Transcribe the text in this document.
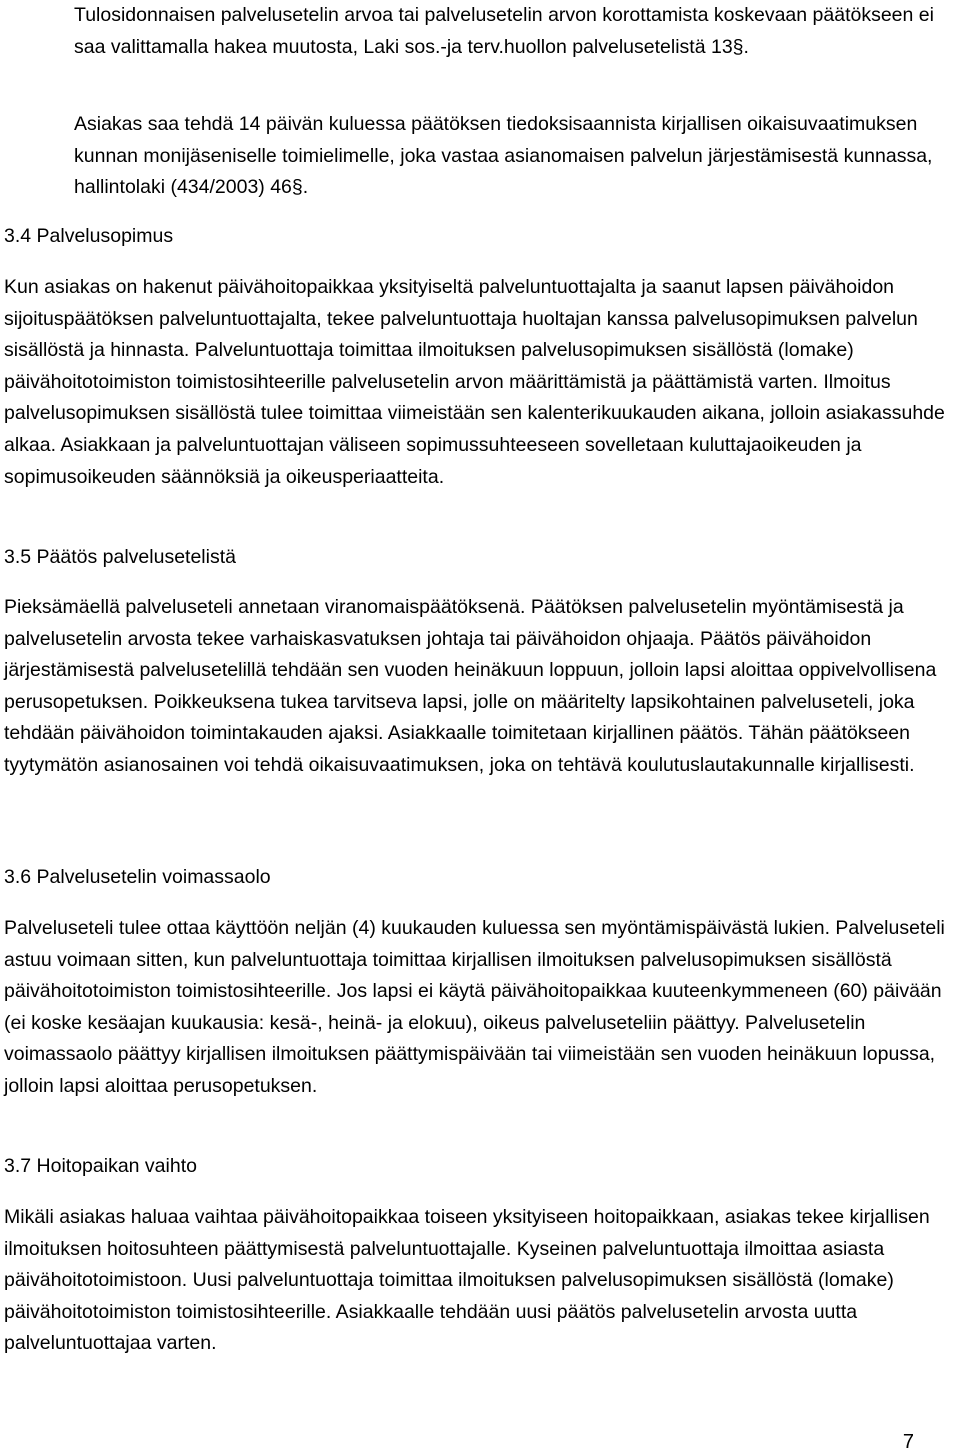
Tulosidonnaisen palvelusetelin arvoa tai palvelusetelin arvon korottamista koskevaan päätökseen ei saa valittamalla hakea muutosta, Laki sos.-ja terv.huollon palvelusetelistä 13§.

Asiakas saa tehdä 14 päivän kuluessa päätöksen tiedoksisaannista kirjallisen oikaisuvaatimuksen kunnan monijäseniselle toimielimelle, joka vastaa asianomaisen palvelun järjestämisestä kunnassa, hallintolaki (434/2003) 46§.

3.4 Palvelusopimus

Kun asiakas on hakenut päivähoitopaikkaa yksityiseltä palveluntuottajalta ja saanut lapsen päivähoidon sijoituspäätöksen palveluntuottajalta, tekee palveluntuottaja huoltajan kanssa palvelusopimuksen palvelun sisällöstä ja hinnasta. Palveluntuottaja toimittaa ilmoituksen palvelusopimuksen sisällöstä (lomake) päivähoitotoimiston toimistosihteerille palvelusetelin arvon määrittämistä ja päättämistä varten. Ilmoitus palvelusopimuksen sisällöstä tulee toimittaa viimeistään sen kalenterikuukauden aikana, jolloin asiakassuhde alkaa. Asiakkaan ja palveluntuottajan väliseen sopimussuhteeseen sovelletaan kuluttajaoikeuden ja sopimusoikeuden säännöksiä ja oikeusperiaatteita.

3.5 Päätös palvelusetelistä

Pieksämäellä palveluseteli annetaan viranomaispäätöksenä. Päätöksen palvelusetelin myöntämisestä ja palvelusetelin arvosta tekee varhaiskasvatuksen johtaja tai päivähoidon ohjaaja. Päätös päivähoidon järjestämisestä palvelusetelillä tehdään sen vuoden heinäkuun loppuun, jolloin lapsi aloittaa oppivelvollisena perusopetuksen. Poikkeuksena tukea tarvitseva lapsi, jolle on määritelty lapsikohtainen palveluseteli, joka tehdään päivähoidon toimintakauden ajaksi. Asiakkaalle toimitetaan kirjallinen päätös. Tähän päätökseen tyytymätön asianosainen voi tehdä oikaisuvaatimuksen, joka on tehtävä koulutuslautakunnalle kirjallisesti.

3.6 Palvelusetelin voimassaolo

Palveluseteli tulee ottaa käyttöön neljän (4) kuukauden kuluessa sen myöntämispäivästä lukien. Palveluseteli astuu voimaan sitten, kun palveluntuottaja toimittaa kirjallisen ilmoituksen palvelusopimuksen sisällöstä päivähoitotoimiston toimistosihteerille. Jos lapsi ei käytä päivähoitopaikkaa kuuteenkymmeneen (60) päivään (ei koske kesäajan kuukausia: kesä-, heinä- ja elokuu), oikeus palveluseteliin päättyy. Palvelusetelin voimassaolo päättyy kirjallisen ilmoituksen päättymispäivään tai viimeistään sen vuoden heinäkuun lopussa, jolloin lapsi aloittaa perusopetuksen.

3.7 Hoitopaikan vaihto

Mikäli asiakas haluaa vaihtaa päivähoitopaikkaa toiseen yksityiseen hoitopaikkaan, asiakas tekee kirjallisen ilmoituksen hoitosuhteen päättymisestä palveluntuottajalle. Kyseinen palveluntuottaja ilmoittaa asiasta päivähoitotoimistoon. Uusi palveluntuottaja toimittaa ilmoituksen palvelusopimuksen sisällöstä (lomake) päivähoitotoimiston toimistosihteerille. Asiakkaalle tehdään uusi päätös palvelusetelin arvosta uutta palveluntuottajaa varten.

7
